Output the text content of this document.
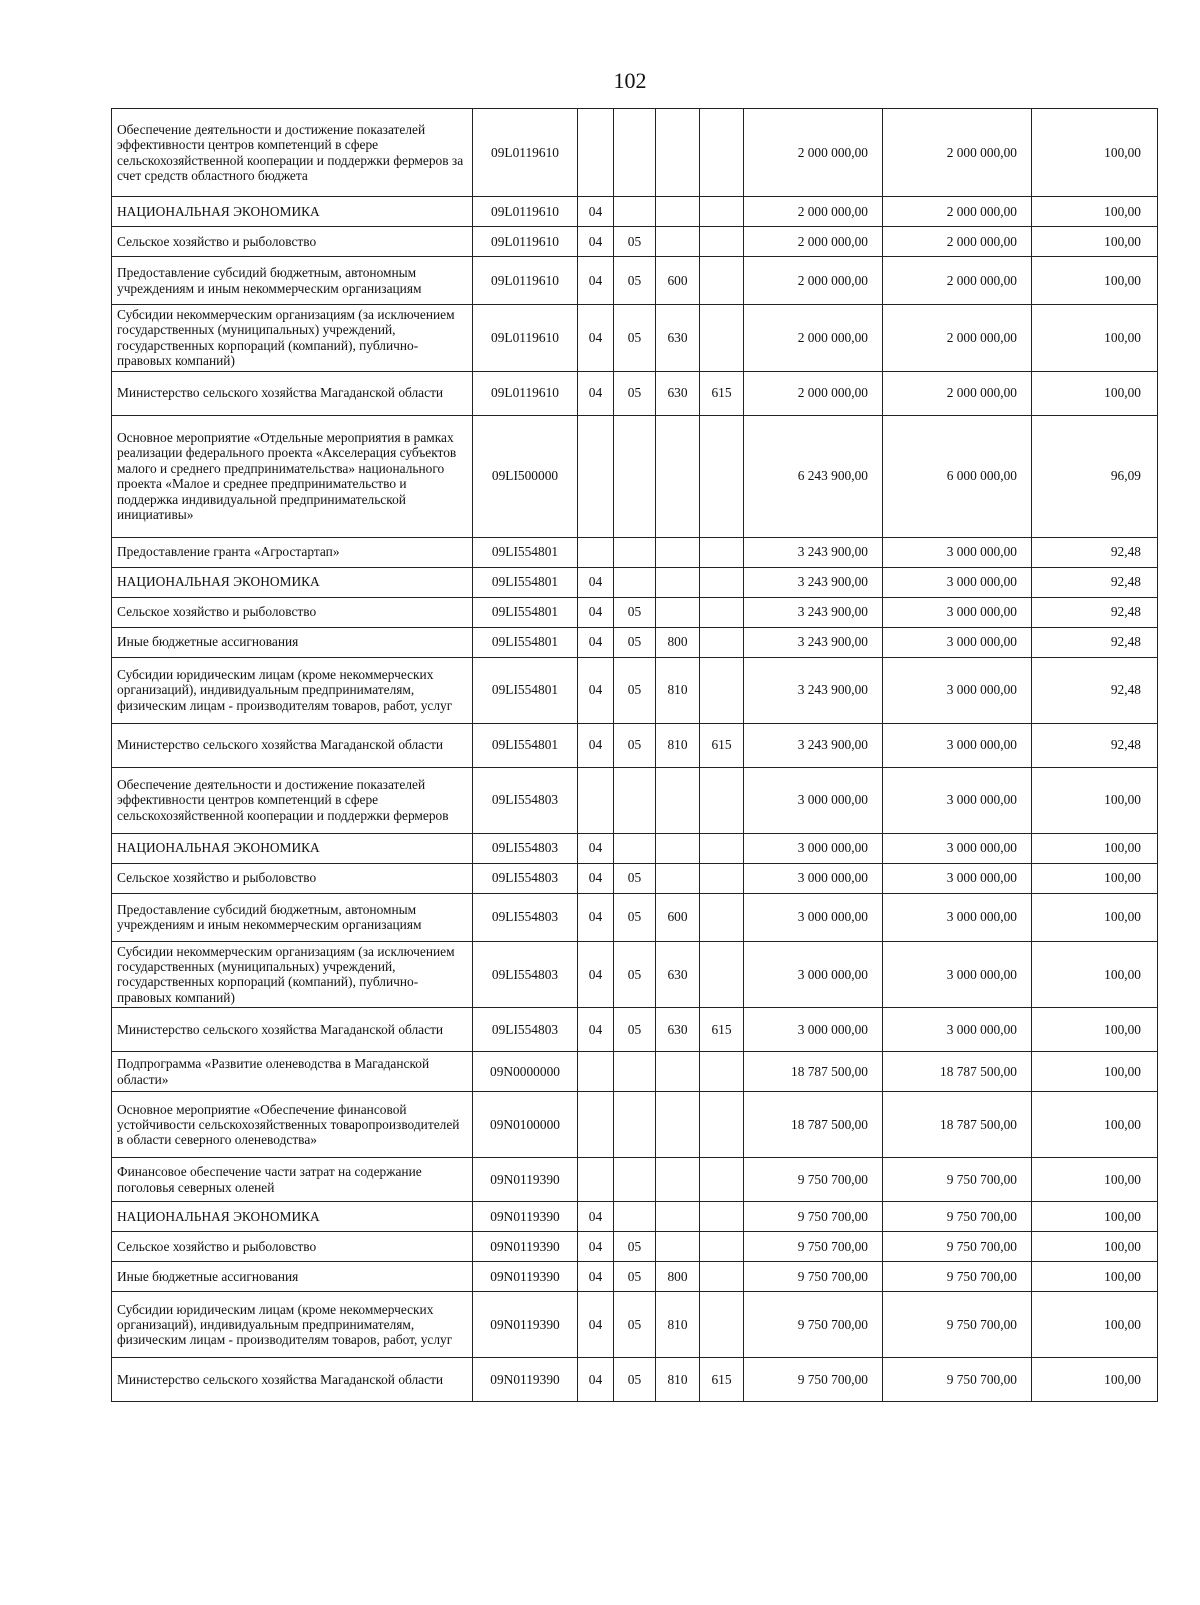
102
Обеспечение деятельности и достижение показателей эффективности центров компетенций в сфере сельскохозяйственной кооперации и поддержки фермеров за счет средств областного бюджета	09L0119610					2 000 000,00	2 000 000,00	100,00
НАЦИОНАЛЬНАЯ ЭКОНОМИКА	09L0119610	04				2 000 000,00	2 000 000,00	100,00
Сельское хозяйство и рыболовство	09L0119610	04	05			2 000 000,00	2 000 000,00	100,00
Предоставление субсидий бюджетным, автономным учреждениям и иным некоммерческим организациям	09L0119610	04	05	600		2 000 000,00	2 000 000,00	100,00
Субсидии некоммерческим организациям (за исключением государственных (муниципальных) учреждений, государственных корпораций (компаний), публично-правовых компаний)	09L0119610	04	05	630		2 000 000,00	2 000 000,00	100,00
Министерство сельского хозяйства Магаданской области	09L0119610	04	05	630	615	2 000 000,00	2 000 000,00	100,00
Основное мероприятие «Отдельные мероприятия в рамках реализации федерального проекта «Акселерация субъектов малого и среднего предпринимательства» национального проекта «Малое и среднее предпринимательство и поддержка индивидуальной предпринимательской инициативы»	09LI500000					6 243 900,00	6 000 000,00	96,09
Предоставление гранта «Агростартап»	09LI554801					3 243 900,00	3 000 000,00	92,48
НАЦИОНАЛЬНАЯ ЭКОНОМИКА	09LI554801	04				3 243 900,00	3 000 000,00	92,48
Сельское хозяйство и рыболовство	09LI554801	04	05			3 243 900,00	3 000 000,00	92,48
Иные бюджетные ассигнования	09LI554801	04	05	800		3 243 900,00	3 000 000,00	92,48
Субсидии юридическим лицам (кроме некоммерческих организаций), индивидуальным предпринимателям, физическим лицам - производителям товаров, работ, услуг	09LI554801	04	05	810		3 243 900,00	3 000 000,00	92,48
Министерство сельского хозяйства Магаданской области	09LI554801	04	05	810	615	3 243 900,00	3 000 000,00	92,48
Обеспечение деятельности и достижение показателей эффективности центров компетенций в сфере сельскохозяйственной кооперации и поддержки фермеров	09LI554803					3 000 000,00	3 000 000,00	100,00
НАЦИОНАЛЬНАЯ ЭКОНОМИКА	09LI554803	04				3 000 000,00	3 000 000,00	100,00
Сельское хозяйство и рыболовство	09LI554803	04	05			3 000 000,00	3 000 000,00	100,00
Предоставление субсидий бюджетным, автономным учреждениям и иным некоммерческим организациям	09LI554803	04	05	600		3 000 000,00	3 000 000,00	100,00
Субсидии некоммерческим организациям (за исключением государственных (муниципальных) учреждений, государственных корпораций (компаний), публично-правовых компаний)	09LI554803	04	05	630		3 000 000,00	3 000 000,00	100,00
Министерство сельского хозяйства Магаданской области	09LI554803	04	05	630	615	3 000 000,00	3 000 000,00	100,00
Подпрограмма «Развитие оленеводства в Магаданской области»	09N0000000					18 787 500,00	18 787 500,00	100,00
Основное мероприятие «Обеспечение финансовой устойчивости сельскохозяйственных товаропроизводителей в области северного оленеводства»	09N0100000					18 787 500,00	18 787 500,00	100,00
Финансовое обеспечение части затрат на содержание поголовья северных оленей	09N0119390					9 750 700,00	9 750 700,00	100,00
НАЦИОНАЛЬНАЯ ЭКОНОМИКА	09N0119390	04				9 750 700,00	9 750 700,00	100,00
Сельское хозяйство и рыболовство	09N0119390	04	05			9 750 700,00	9 750 700,00	100,00
Иные бюджетные ассигнования	09N0119390	04	05	800		9 750 700,00	9 750 700,00	100,00
Субсидии юридическим лицам (кроме некоммерческих организаций), индивидуальным предпринимателям, физическим лицам - производителям товаров, работ, услуг	09N0119390	04	05	810		9 750 700,00	9 750 700,00	100,00
Министерство сельского хозяйства Магаданской области	09N0119390	04	05	810	615	9 750 700,00	9 750 700,00	100,00
